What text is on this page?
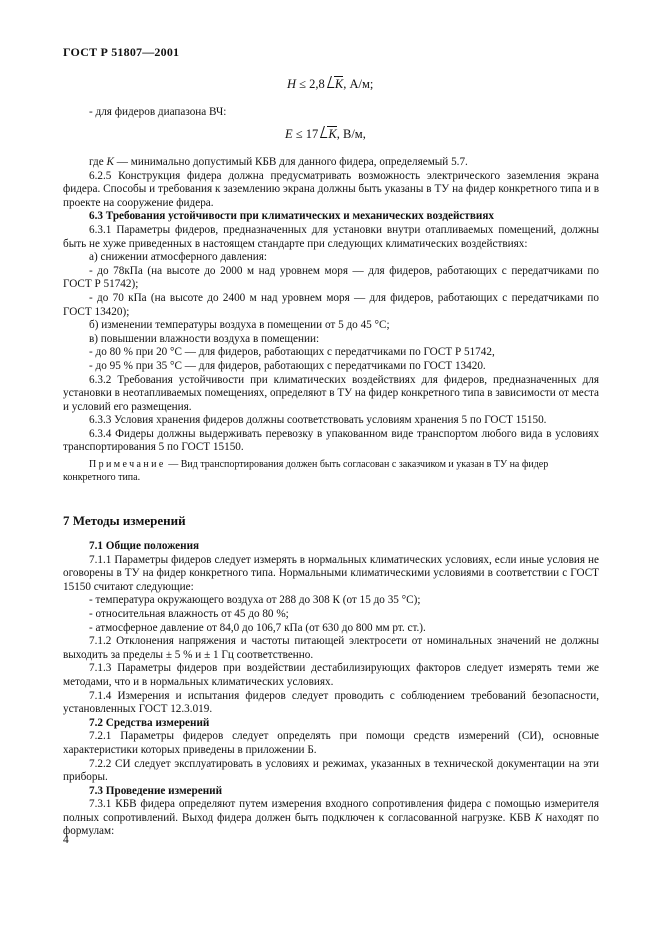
ГОСТ Р 51807—2001
H ≤ 2,8 K, А/м;

- для фидеров диапазона ВЧ:

E ≤ 17 K, В/м,

где K — минимально допустимый КБВ для данного фидера, определяемый 5.7.

6.2.5 Конструкция фидера должна предусматривать возможность электрического заземления экрана фидера. Способы и требования к заземлению экрана должны быть указаны в ТУ на фидер конкретного типа и в проекте на сооружение фидера.

6.3 Требования устойчивости при климатических и механических воздействиях

6.3.1 Параметры фидеров, предназначенных для установки внутри отапливаемых помещений, должны быть не хуже приведенных в настоящем стандарте при следующих климатических воздействиях:

а) снижении атмосферного давления:

- до 78кПа (на высоте до 2000 м над уровнем моря — для фидеров, работающих с передатчиками по ГОСТ Р 51742);

- до 70 кПа (на высоте до 2400 м над уровнем моря — для фидеров, работающих с передатчиками по ГОСТ 13420);

б) изменении температуры воздуха в помещении от 5 до 45 °С;

в) повышении влажности воздуха в помещении:

- до 80 % при 20 °С — для фидеров, работающих с передатчиками по ГОСТ Р 51742,

- до 95 % при 35 °С — для фидеров, работающих с передатчиками по ГОСТ 13420.

6.3.2 Требования устойчивости при климатических воздействиях для фидеров, предназначенных для установки в неотапливаемых помещениях, определяют в ТУ на фидер конкретного типа в зависимости от места и условий его размещения.

6.3.3 Условия хранения фидеров должны соответствовать условиям хранения 5 по ГОСТ 15150.

6.3.4 Фидеры должны выдерживать перевозку в упакованном виде транспортом любого вида в условиях транспортирования 5 по ГОСТ 15150.

Примечание — Вид транспортирования должен быть согласован с заказчиком и указан в ТУ на фидер конкретного типа.
7 Методы измерений

7.1 Общие положения

7.1.1 Параметры фидеров следует измерять в нормальных климатических условиях, если иные условия не оговорены в ТУ на фидер конкретного типа. Нормальными климатическими условиями в соответствии с ГОСТ 15150 считают следующие:

- температура окружающего воздуха от 288 до 308 К (от 15 до 35 °С);

- относительная влажность от 45 до 80 %;

- атмосферное давление от 84,0 до 106,7 кПа (от 630 до 800 мм рт. ст.).

7.1.2 Отклонения напряжения и частоты питающей электросети от номинальных значений не должны выходить за пределы ± 5 % и ± 1 Гц соответственно.

7.1.3 Параметры фидеров при воздействии дестабилизирующих факторов следует измерять теми же методами, что и в нормальных климатических условиях.

7.1.4 Измерения и испытания фидеров следует проводить с соблюдением требований безопасности, установленных ГОСТ 12.3.019.

7.2 Средства измерений

7.2.1 Параметры фидеров следует определять при помощи средств измерений (СИ), основные характеристики которых приведены в приложении Б.

7.2.2 СИ следует эксплуатировать в условиях и режимах, указанных в технической документации на эти приборы.

7.3 Проведение измерений

7.3.1 КБВ фидера определяют путем измерения входного сопротивления фидера с помощью измерителя полных сопротивлений. Выход фидера должен быть подключен к согласованной нагрузке. КБВ K находят по формулам:

4
